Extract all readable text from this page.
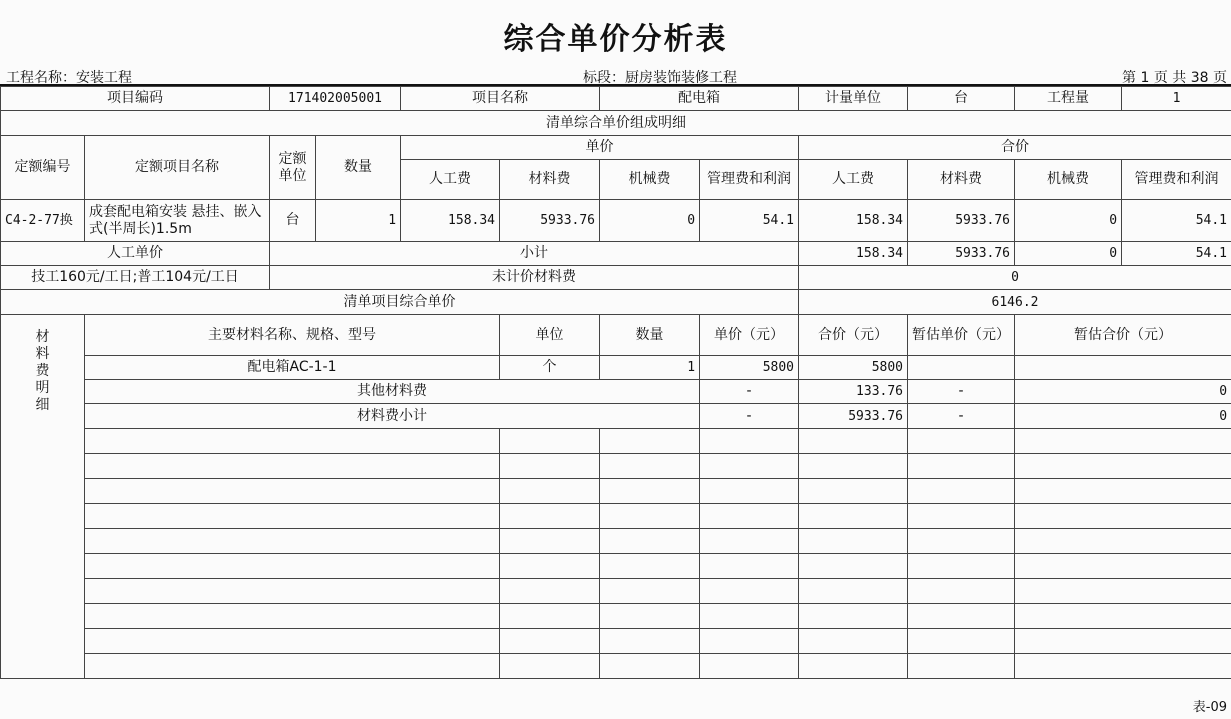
综合单价分析表
工程名称：安装工程	标段：厨房装饰装修工程	第 1 页 共 38 页
项目编码		171402005001		项目名称		配电箱		计量单位	台	工程量	1
清单综合单价组成明细											
定额编号	定额项目名称	定额单位	数量	单价				合价			
				人工费	材料费	机械费	管理费和利润	人工费	材料费	机械费	管理费和利润
C4-2-77换	成套配电箱安装 悬挂、嵌入式(半周长)1.5m	台	1	158.34	5933.76	0	54.1	158.34	5933.76	0	54.1
人工单价		小计						158.34	5933.76	0	54.1
技工160元/工日;普工104元/工日		未计价材料费						0			
清单项目综合单价								6146.2			

材
料
费
明
细	主要材料名称、规格、型号				单位	数量	单价（元）	合价（元）	暂估单价（元）	暂估合价（元）	
	配电箱AC-1-1				个	1	5800	5800			
	其他材料费						-	133.76	-	0	
	材料费小计						-	5933.76	-	0	

表-09
